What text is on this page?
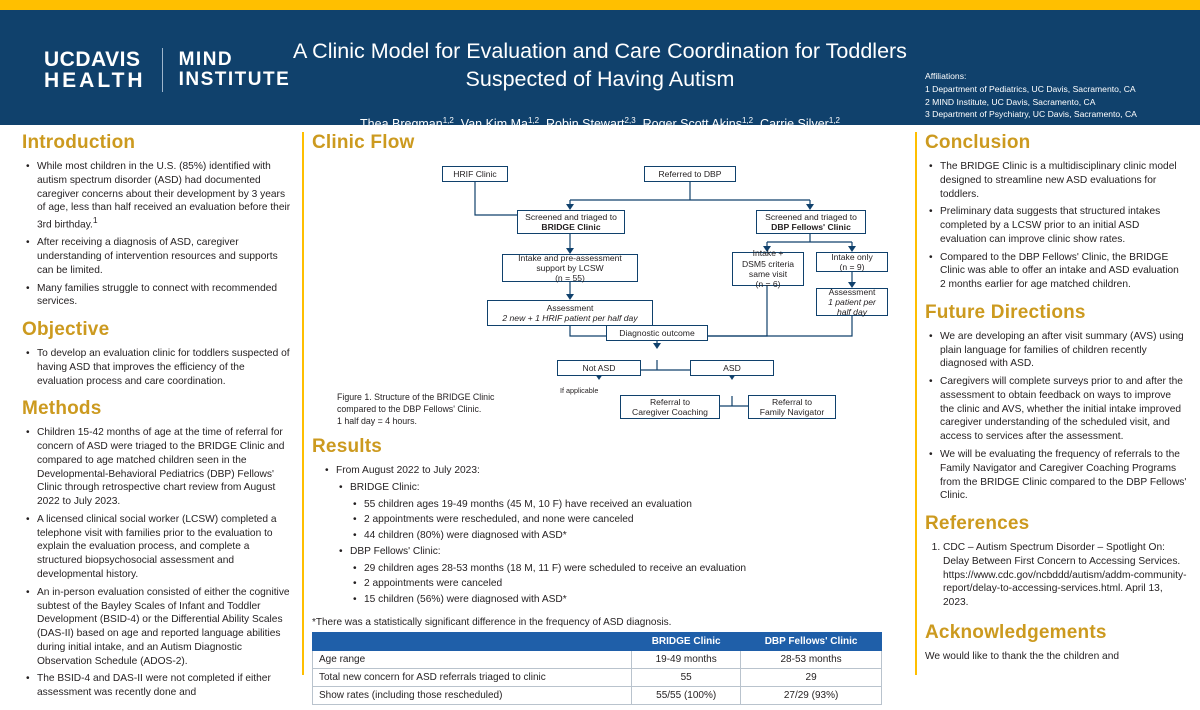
UCDAVIS
HEALTH
MIND
INSTITUTE
A Clinic Model for Evaluation and Care Coordination for Toddlers Suspected of Having Autism
Thea Bregman$^{1,2}$, Van Kim Ma$^{1,2}$, Robin Stewart$^{2,3}$, Roger Scott Akins$^{1,2}$, Carrie Silver$^{1,2}$
Affiliations:
1 Department of Pediatrics, UC Davis, Sacramento, CA
2 MIND Institute, UC Davis, Sacramento, CA
3 Department of Psychiatry, UC Davis, Sacramento, CA
Introduction
• While most children in the U.S. (85%) identified with autism spectrum disorder (ASD) had documented caregiver concerns about their development by 3 years of age, less than half received an evaluation before their 3rd birthday.$^1$
• After receiving a diagnosis of ASD, caregiver understanding of intervention resources and supports can be limited.
• Many families struggle to connect with recommended services.
Objective
• To develop an evaluation clinic for toddlers suspected of having ASD that improves the efficiency of the evaluation process and care coordination.
Methods
• Children 15-42 months of age at the time of referral for concern of ASD were triaged to the BRIDGE Clinic and compared to age matched children seen in the Developmental-Behavioral Pediatrics (DBP) Fellows' Clinic through retrospective chart review from August 2022 to July 2023.
• A licensed clinical social worker (LCSW) completed a telephone visit with families prior to the evaluation to explain the evaluation process, and complete a structured biopsychosocial assessment and developmental history.
• An in-person evaluation consisted of either the cognitive subtest of the Bayley Scales of Infant and Toddler Development (BSID-4) or the Differential Ability Scales (DAS-II) based on age and reported language abilities during initial intake, and an Autism Diagnostic Observation Schedule (ADOS-2).
• The BSID-4 and DAS-II were not completed if either assessment was recently done and
Clinic Flow
HRIF Clinic	Referred to DBP
Screened and triaged to
BRIDGE Clinic
Screened and triaged to
DBP Fellows' Clinic
Intake and pre-assessment
support by LCSW
(n = 55)
Intake +
DSM5 criteria
same visit
(n = 6)
Intake only
(n = 9)
Assessment
2 new + 1 HRIF patient per half day
Assessment
1 patient per
half day
Diagnostic outcome
Not ASD	ASD
If applicable
Referral to
Caregiver Coaching
Referral to
Family Navigator
Figure 1. Structure of the BRIDGE Clinic
compared to the DBP Fellows' Clinic.
1 half day = 4 hours.
Results
• From August 2022 to July 2023:
• BRIDGE Clinic:
• 55 children ages 19-49 months (45 M, 10 F) have received an evaluation
• 2 appointments were rescheduled, and none were canceled
• 44 children (80%) were diagnosed with ASD*
• DBP Fellows' Clinic:
• 29 children ages 28-53 months (18 M, 11 F) were scheduled to receive an evaluation
• 2 appointments were canceled
• 15 children (56%) were diagnosed with ASD*
*There was a statistically significant difference in the frequency of ASD diagnosis.
	BRIDGE Clinic	DBP Fellows' Clinic
Age range	19-49 months	28-53 months
Total new concern for ASD referrals triaged to clinic	55	29
Show rates (including those rescheduled)	55/55 (100%)	27/29 (93%)
Conclusion
• The BRIDGE Clinic is a multidisciplinary clinic model designed to streamline new ASD evaluations for toddlers.
• Preliminary data suggests that structured intakes completed by a LCSW prior to an initial ASD evaluation can improve clinic show rates.
• Compared to the DBP Fellows' Clinic, the BRIDGE Clinic was able to offer an intake and ASD evaluation 2 months earlier for age matched children.
Future Directions
• We are developing an after visit summary (AVS) using plain language for families of children recently diagnosed with ASD.
• Caregivers will complete surveys prior to and after the assessment to obtain feedback on ways to improve the clinic and AVS, whether the initial intake improved caregiver understanding of the scheduled visit, and access to services after the assessment.
• We will be evaluating the frequency of referrals to the Family Navigator and Caregiver Coaching Programs from the BRIDGE Clinic compared to the DBP Fellows' Clinic.
References
1. CDC – Autism Spectrum Disorder – Spotlight On: Delay Between First Concern to Accessing Services. https://www.cdc.gov/ncbddd/autism/addm-community-report/delay-to-accessing-services.html. April 13, 2023.
Acknowledgements
We would like to thank the the children and
